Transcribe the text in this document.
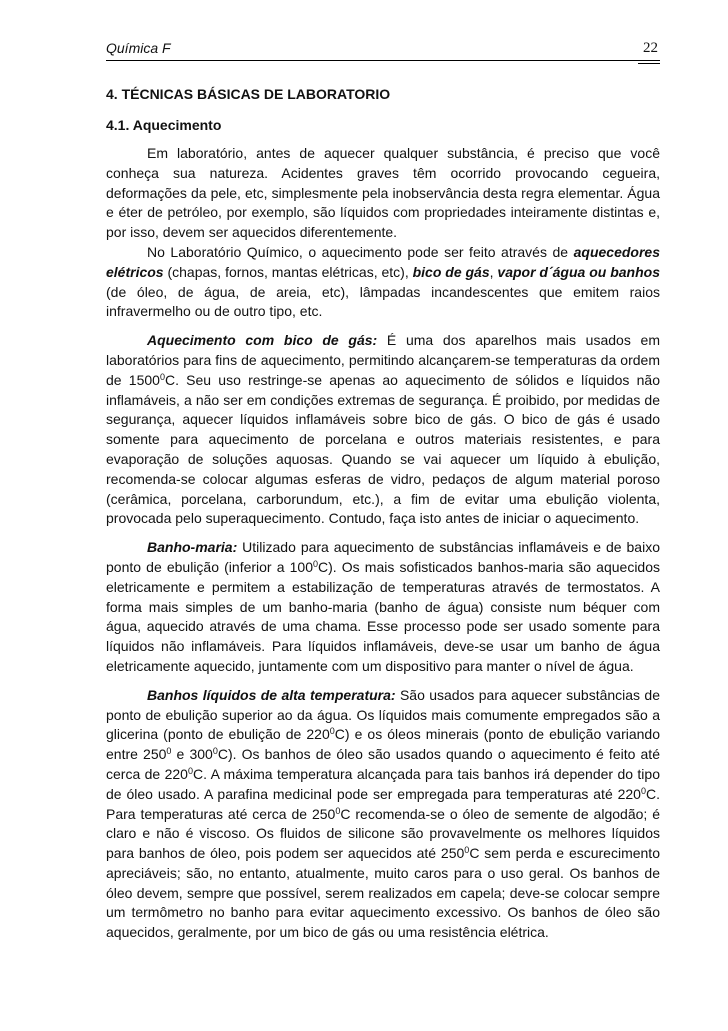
Química F	22
4. TÉCNICAS BÁSICAS DE LABORATORIO
4.1. Aquecimento

Em laboratório, antes de aquecer qualquer substância, é preciso que você conheça sua natureza. Acidentes graves têm ocorrido provocando cegueira, deformações da pele, etc, simplesmente pela inobservância desta regra elementar. Água e éter de petróleo, por exemplo, são líquidos com propriedades inteiramente distintas e, por isso, devem ser aquecidos diferentemente.

No Laboratório Químico, o aquecimento pode ser feito através de aquecedores elétricos (chapas, fornos, mantas elétricas, etc), bico de gás, vapor d´água ou banhos (de óleo, de água, de areia, etc), lâmpadas incandescentes que emitem raios infravermelho ou de outro tipo, etc.

Aquecimento com bico de gás: É uma dos aparelhos mais usados em laboratórios para fins de aquecimento, permitindo alcançarem-se temperaturas da ordem de 1500$^0$C. Seu uso restringe-se apenas ao aquecimento de sólidos e líquidos não inflamáveis, a não ser em condições extremas de segurança. É proibido, por medidas de segurança, aquecer líquidos inflamáveis sobre bico de gás. O bico de gás é usado somente para aquecimento de porcelana e outros materiais resistentes, e para evaporação de soluções aquosas. Quando se vai aquecer um líquido à ebulição, recomenda-se colocar algumas esferas de vidro, pedaços de algum material poroso (cerâmica, porcelana, carborundum, etc.), a fim de evitar uma ebulição violenta, provocada pelo superaquecimento. Contudo, faça isto antes de iniciar o aquecimento.

Banho-maria: Utilizado para aquecimento de substâncias inflamáveis e de baixo ponto de ebulição (inferior a $100^0C$). Os mais sofisticados banhos-maria são aquecidos eletricamente e permitem a estabilização de temperaturas através de termostatos. A forma mais simples de um banho-maria (banho de água) consiste num béquer com água, aquecido através de uma chama. Esse processo pode ser usado somente para líquidos não inflamáveis. Para líquidos inflamáveis, deve-se usar um banho de água eletricamente aquecido, juntamente com um dispositivo para manter o nível de água.

Banhos líquidos de alta temperatura: São usados para aquecer substâncias de ponto de ebulição superior ao da água. Os líquidos mais comumente empregados são a glicerina (ponto de ebulição de $220^0C$) e os óleos minerais (ponto de ebulição variando entre $250^0$ e $300^0C$). Os banhos de óleo são usados quando o aquecimento é feito até cerca de $220^0C$. A máxima temperatura alcançada para tais banhos irá depender do tipo de óleo usado. A parafina medicinal pode ser empregada para temperaturas até $220^0C$. Para temperaturas até cerca de $250^0C$ recomenda-se o óleo de semente de algodão; é claro e não é viscoso. Os fluidos de silicone são provavelmente os melhores líquidos para banhos de óleo, pois podem ser aquecidos até $250^0C$ sem perda e escurecimento apreciáveis; são, no entanto, atualmente, muito caros para o uso geral. Os banhos de óleo devem, sempre que possível, serem realizados em capela; deve-se colocar sempre um termômetro no banho para evitar aquecimento excessivo. Os banhos de óleo são aquecidos, geralmente, por um bico de gás ou uma resistência elétrica.
